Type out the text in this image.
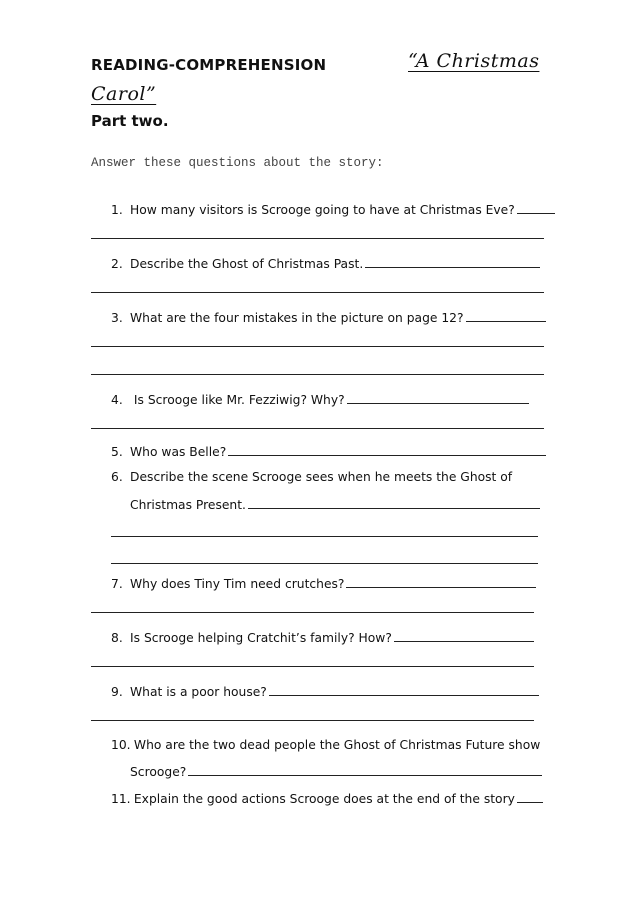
READING-COMPREHENSION	“A Christmas
Carol”
Part two.
Answer these questions about the story:
1. How many visitors is Scrooge going to have at Christmas Eve?
2. Describe the Ghost of Christmas Past.
3. What are the four mistakes in the picture on page 12?
4. Is Scrooge like Mr. Fezziwig? Why?
5. Who was Belle?
6. Describe the scene Scrooge sees when he meets the Ghost of
Christmas Present.
7. Why does Tiny Tim need crutches?
8. Is Scrooge helping Cratchit’s family? How?
9. What is a poor house?
10. Who are the two dead people the Ghost of Christmas Future show
Scrooge?
11. Explain the good actions Scrooge does at the end of the story
